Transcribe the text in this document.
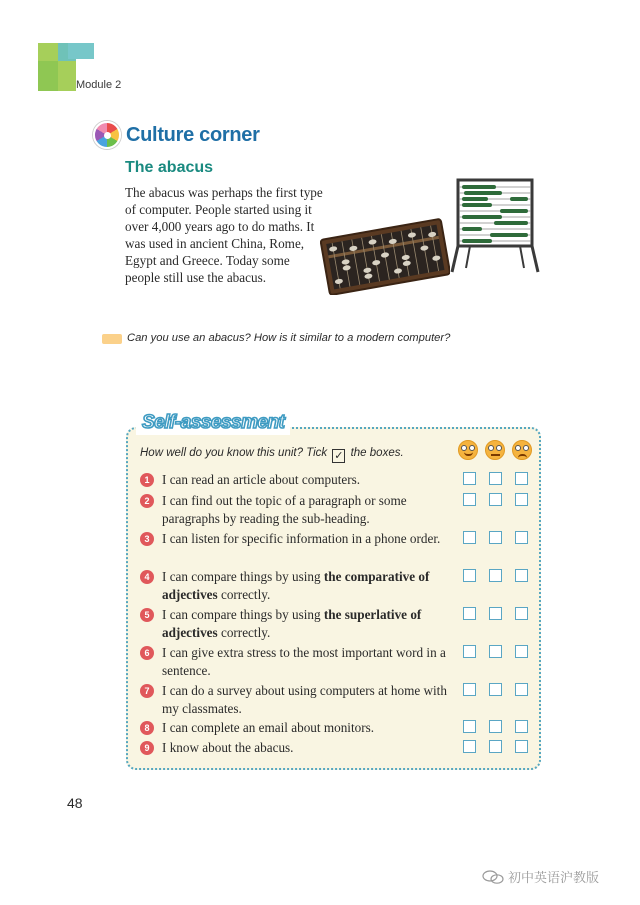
Module 2
Culture corner
The abacus
The abacus was perhaps the first type of computer. People started using it over 4,000 years ago to do maths. It was used in ancient China, Rome, Egypt and Greece. Today some people still use the abacus.
Can you use an abacus? How is it similar to a modern computer?
Self-assessment
How well do you know this unit? Tick ✓ the boxes.
1 I can read an article about computers.
2 I can find out the topic of a paragraph or some paragraphs by reading the sub-heading.
3 I can listen for specific information in a phone order.
4 I can compare things by using the comparative of adjectives correctly.
5 I can compare things by using the superlative of adjectives correctly.
6 I can give extra stress to the most important word in a sentence.
7 I can do a survey about using computers at home with my classmates.
8 I can complete an email about monitors.
9 I know about the abacus.
48
初中英语沪教版
